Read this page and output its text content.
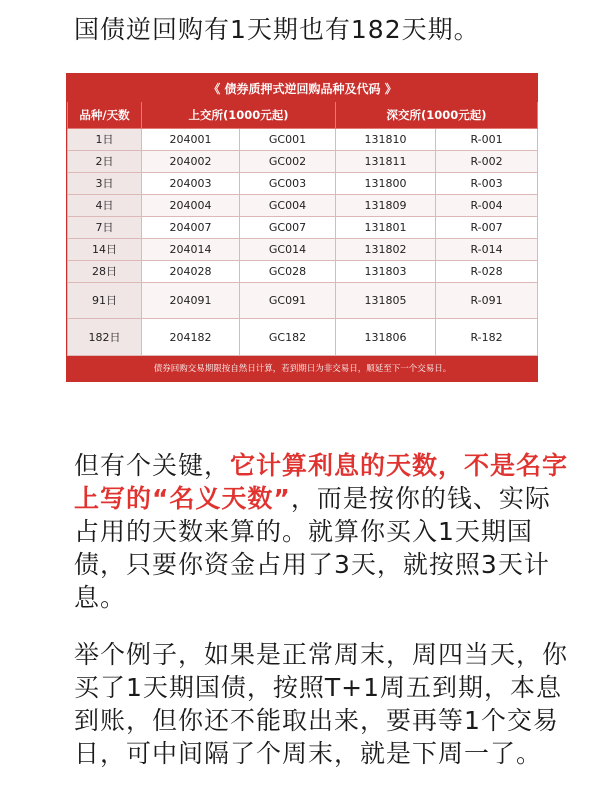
国债逆回购有1天期也有182天期。
《 债券质押式逆回购品种及代码 》				
品种/天数	上交所(1000元起)		深交所(1000元起)	
1日	204001	GC001	131810	R-001
2日	204002	GC002	131811	R-002
3日	204003	GC003	131800	R-003
4日	204004	GC004	131809	R-004
7日	204007	GC007	131801	R-007
14日	204014	GC014	131802	R-014
28日	204028	GC028	131803	R-028
91日	204091	GC091	131805	R-091
182日	204182	GC182	131806	R-182
债券回购交易期限按自然日计算，若到期日为非交易日，顺延至下一个交易日。				

但有个关键，它计算利息的天数，不是名字上写的“名义天数”，而是按你的钱、实际占用的天数来算的。就算你买入1天期国债，只要你资金占用了3天，就按照3天计息。

举个例子，如果是正常周末，周四当天，你买了1天期国债，按照T+1周五到期，本息到账，但你还不能取出来，要再等1个交易日，可中间隔了个周末，就是下周一了。
